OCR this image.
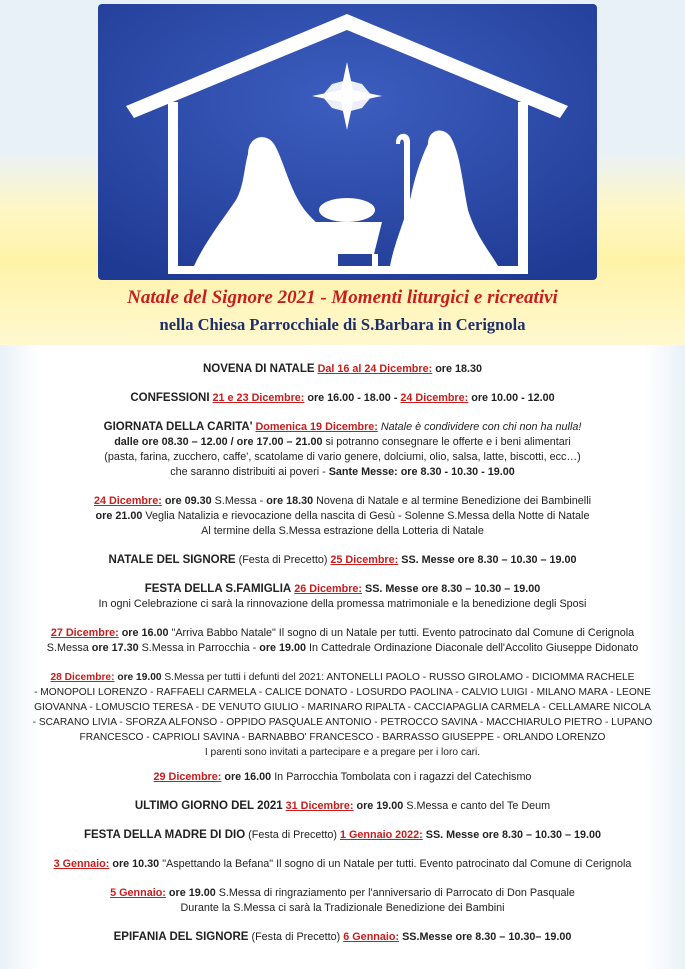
Natale del Signore 2021 - Momenti liturgici e ricreativi
nella Chiesa Parrocchiale di S.Barbara in Cerignola
NOVENA DI NATALE Dal 16 al 24 Dicembre: ore 18.30
CONFESSIONI 21 e 23 Dicembre: ore 16.00 - 18.00 - 24 Dicembre: ore 10.00 - 12.00
GIORNATA DELLA CARITA' Domenica 19 Dicembre: Natale è condividere con chi non ha nulla!
dalle ore 08.30 – 12.00 / ore 17.00 – 21.00 si potranno consegnare le offerte e i beni alimentari
(pasta, farina, zucchero, caffe', scatolame di vario genere, dolciumi, olio, salsa, latte, biscotti, ecc…)
che saranno distribuiti ai poveri - Sante Messe: ore 8.30 - 10.30 - 19.00
24 Dicembre: ore 09.30 S.Messa - ore 18.30 Novena di Natale e al termine Benedizione dei Bambinelli
ore 21.00 Veglia Natalizia e rievocazione della nascita di Gesù - Solenne S.Messa della Notte di Natale
Al termine della S.Messa estrazione della Lotteria di Natale
NATALE DEL SIGNORE (Festa di Precetto) 25 Dicembre: SS. Messe ore 8.30 – 10.30 – 19.00
FESTA DELLA S.FAMIGLIA 26 Dicembre: SS. Messe ore 8.30 – 10.30 – 19.00
In ogni Celebrazione ci sarà la rinnovazione della promessa matrimoniale e la benedizione degli Sposi
27 Dicembre: ore 16.00 "Arriva Babbo Natale" Il sogno di un Natale per tutti. Evento patrocinato dal Comune di Cerignola
S.Messa ore 17.30 S.Messa in Parrocchia - ore 19.00 In Cattedrale Ordinazione Diaconale dell'Accolito Giuseppe Didonato
28 Dicembre: ore 19.00 S.Messa per tutti i defunti del 2021: ANTONELLI PAOLO - RUSSO GIROLAMO - DICIOMMA RACHELE
- MONOPOLI LORENZO - RAFFAELI CARMELA - CALICE DONATO - LOSURDO PAOLINA - CALVIO LUIGI - MILANO MARA - LEONE
GIOVANNA - LOMUSCIO TERESA - DE VENUTO GIULIO - MARINARO RIPALTA - CACCIAPAGLIA CARMELA - CELLAMARE NICOLA
- SCARANO LIVIA - SFORZA ALFONSO - OPPIDO PASQUALE ANTONIO - PETROCCO SAVINA - MACCHIARULO PIETRO - LUPANO
FRANCESCO - CAPRIOLI SAVINA - BARNABBO' FRANCESCO - BARRASSO GIUSEPPE - ORLANDO LORENZO
I parenti sono invitati a partecipare e a pregare per i loro cari.
29 Dicembre: ore 16.00 In Parrocchia Tombolata con i ragazzi del Catechismo
ULTIMO GIORNO DEL 2021 31 Dicembre: ore 19.00 S.Messa e canto del Te Deum
FESTA DELLA MADRE DI DIO (Festa di Precetto) 1 Gennaio 2022: SS. Messe ore 8.30 – 10.30 – 19.00
3 Gennaio: ore 10.30 "Aspettando la Befana" Il sogno di un Natale per tutti. Evento patrocinato dal Comune di Cerignola
5 Gennaio: ore 19.00 S.Messa di ringraziamento per l'anniversario di Parrocato di Don Pasquale
Durante la S.Messa ci sarà la Tradizionale Benedizione dei Bambini
EPIFANIA DEL SIGNORE (Festa di Precetto) 6 Gennaio: SS.Messe ore 8.30 – 10.30– 19.00
